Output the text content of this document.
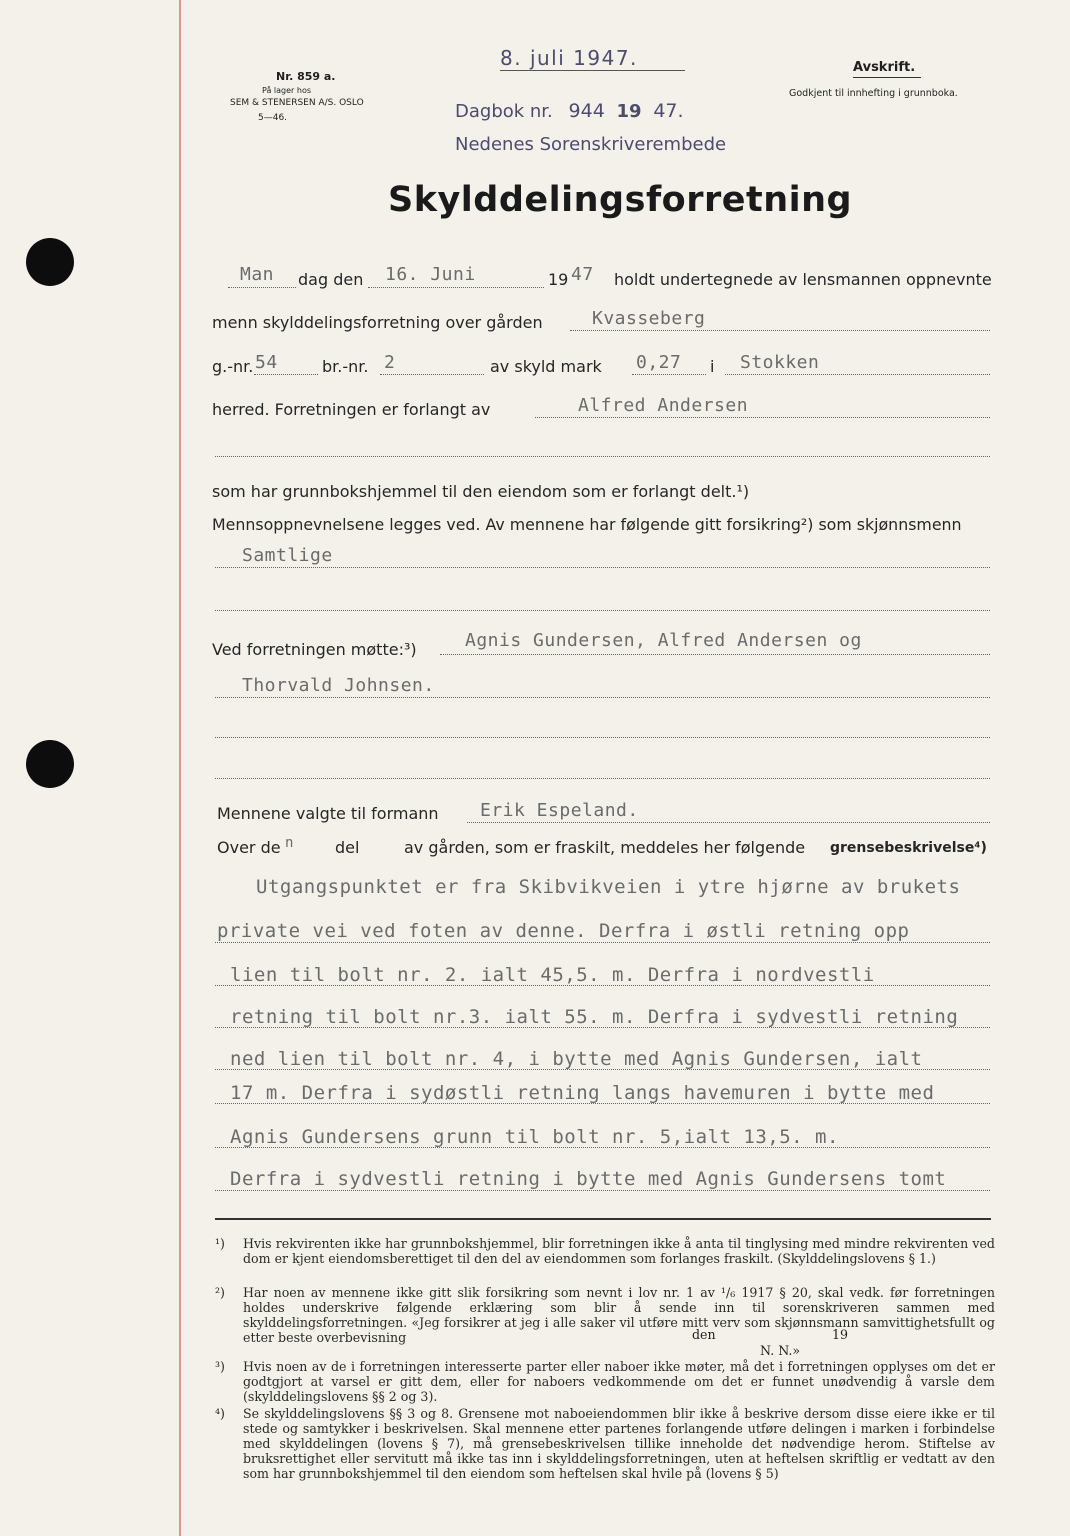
Nr. 859 a.
På lager hos
SEM & STENERSEN A/S. OSLO
5—46.
8. juli 1947.
Dagbok nr. 944 19 47.
Nedenes Sorenskriverembede
Avskrift.
Godkjent til innhefting i grunnboka.
Skylddelingsforretning
Man dag den 16. Juni	19 47 holdt undertegnede av lensmannen oppnevnte
menn skylddelingsforretning over gården	Kvasseberg
g.-nr. 54	br.-nr. 2	av skyld mark 0,27 i Stokken
herred. Forretningen er forlangt av	Alfred Andersen
som har grunnbokshjemmel til den eiendom som er forlangt delt.¹)
Mennsoppnevnelsene legges ved. Av mennene har følgende gitt forsikring²) som skjønnsmenn
Samtlige
Ved forretningen møtte:³)	Agnis Gundersen, Alfred Andersen og
Thorvald Johnsen.
Mennene valgte til formann Erik Espeland.
Over de n	del	av gården, som er fraskilt, meddeles her følgende grensebeskrivelse⁴)
Utgangspunktet er fra Skibvikveien i ytre hjørne av brukets
private vei ved foten av denne. Derfra i østli retning opp
lien til bolt nr. 2. ialt 45,5. m. Derfra i nordvestli
retning til bolt nr.3. ialt 55. m. Derfra i sydvestli retning
ned lien til bolt nr. 4, i bytte med Agnis Gundersen, ialt
17 m. Derfra i sydøstli retning langs havemuren i bytte med
Agnis Gundersens grunn til bolt nr. 5,ialt 13,5. m.
Derfra i sydvestli retning i bytte med Agnis Gundersens tomt
¹)	Hvis rekvirenten ikke har grunnbokshjemmel, blir forretningen ikke å anta til tinglysing med mindre rekvirenten ved dom er kjent eiendomsberettiget til den del av eiendommen som forlanges fraskilt. (Skylddelingslovens § 1.)
²)	Har noen av mennene ikke gitt slik forsikring som nevnt i lov nr. 1 av ¹/₆ 1917 § 20, skal vedk. før forretningen holdes underskrive følgende erklæring som blir å sende inn til sorenskriveren sammen med skylddelingsforretningen. «Jeg forsikrer at jeg i alle saker vil utføre mitt verv som skjønnsmann samvittighetsfullt og etter beste overbevisning	den	19
N. N.»
³)	Hvis noen av de i forretningen interesserte parter eller naboer ikke møter, må det i forretningen opplyses om det er godtgjort at varsel er gitt dem, eller for naboers vedkommende om det er funnet unødvendig å varsle dem (skylddelingslovens §§ 2 og 3).
⁴)	Se skylddelingslovens §§ 3 og 8. Grensene mot naboeiendommen blir ikke å beskrive dersom disse eiere ikke er til stede og samtykker i beskrivelsen. Skal mennene etter partenes forlangende utføre delingen i marken i forbindelse med skylddelingen (lovens § 7), må grensebeskrivelsen tillike inneholde det nødvendige herom. Stiftelse av bruksrettighet eller servitutt må ikke tas inn i skylddelingsforretningen, uten at heftelsen skriftlig er vedtatt av den som har grunnbokshjemmel til den eiendom som heftelsen skal hvile på (lovens § 5)
